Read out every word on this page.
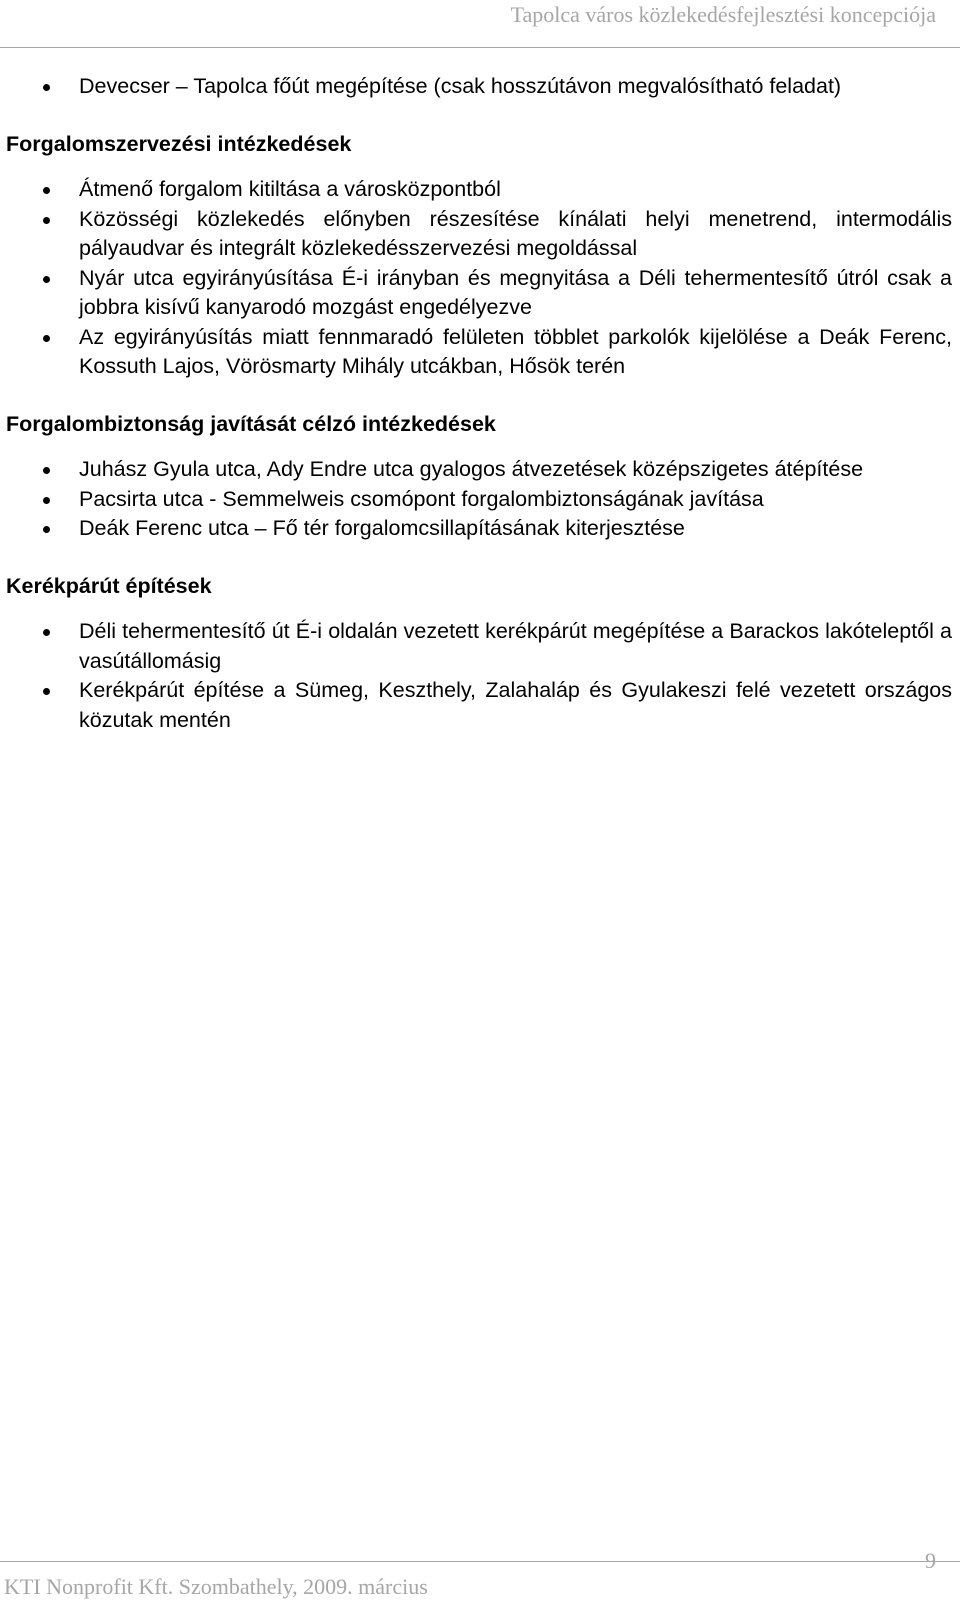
Tapolca város közlekedésfejlesztési koncepciója
Devecser – Tapolca főút megépítése (csak hosszútávon megvalósítható feladat)
Forgalomszervezési intézkedések
Átmenő forgalom kitiltása a városközpontból
Közösségi közlekedés előnyben részesítése kínálati helyi menetrend, intermodális pályaudvar és integrált közlekedésszervezési megoldással
Nyár utca egyirányúsítása É-i irányban és megnyitása a Déli tehermentesítő útról csak a jobbra kisívű kanyarodó mozgást engedélyezve
Az egyirányúsítás miatt fennmaradó felületen többlet parkolók kijelölése a Deák Ferenc, Kossuth Lajos, Vörösmarty Mihály utcákban, Hősök terén
Forgalombiztonság javítását célzó intézkedések
Juhász Gyula utca, Ady Endre utca gyalogos átvezetések középszigetes átépítése
Pacsirta utca - Semmelweis csomópont forgalombiztonságának javítása
Deák Ferenc utca – Fő tér forgalomcsillapításának kiterjesztése
Kerékpárút építések
Déli tehermentesítő út É-i oldalán vezetett kerékpárút megépítése a Barackos lakóteleptől a vasútállomásig
Kerékpárút építése a Sümeg, Keszthely, Zalahaláp és Gyulakeszi felé vezetett országos közutak mentén
KTI Nonprofit Kft. Szombathely, 2009. március
9
